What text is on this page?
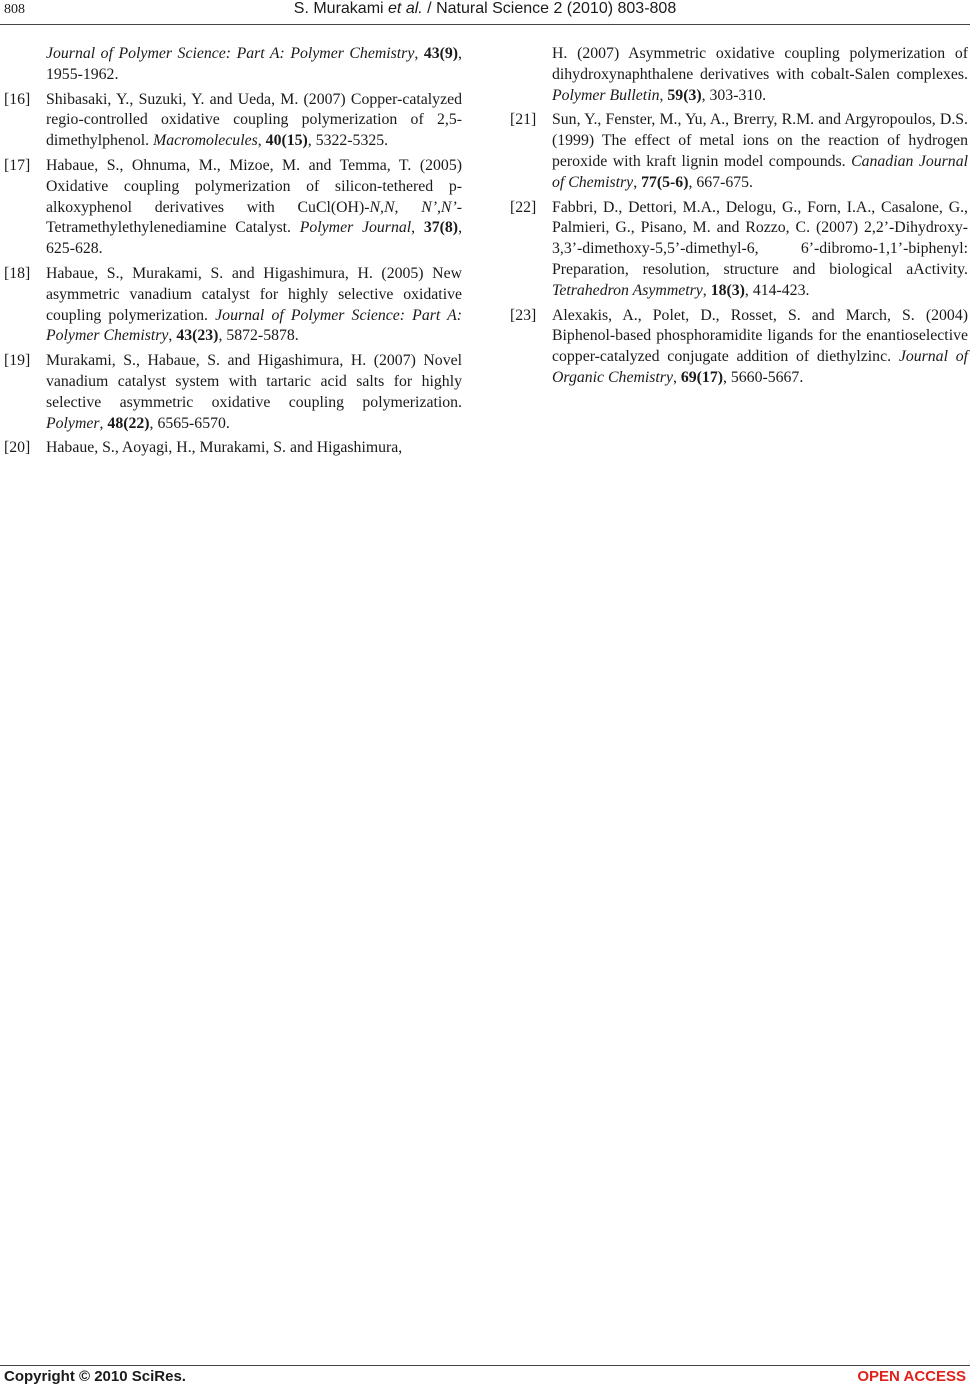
808	S. Murakami et al. / Natural Science 2 (2010) 803-808
Journal of Polymer Science: Part A: Polymer Chemistry, 43(9), 1955-1962.
[16] Shibasaki, Y., Suzuki, Y. and Ueda, M. (2007) Copper-catalyzed regio-controlled oxidative coupling polymerization of 2,5-dimethylphenol. Macromolecules, 40(15), 5322-5325.
[17] Habaue, S., Ohnuma, M., Mizoe, M. and Temma, T. (2005) Oxidative coupling polymerization of silicon-tethered p-alkoxyphenol derivatives with CuCl(OH)-N,N, N’,N’-Tetramethylethylenediamine Catalyst. Polymer Journal, 37(8), 625-628.
[18] Habaue, S., Murakami, S. and Higashimura, H. (2005) New asymmetric vanadium catalyst for highly selective oxidative coupling polymerization. Journal of Polymer Science: Part A: Polymer Chemistry, 43(23), 5872-5878.
[19] Murakami, S., Habaue, S. and Higashimura, H. (2007) Novel vanadium catalyst system with tartaric acid salts for highly selective asymmetric oxidative coupling polymerization. Polymer, 48(22), 6565-6570.
[20] Habaue, S., Aoyagi, H., Murakami, S. and Higashimura,
H. (2007) Asymmetric oxidative coupling polymerization of dihydroxynaphthalene derivatives with cobalt-Salen complexes. Polymer Bulletin, 59(3), 303-310.
[21] Sun, Y., Fenster, M., Yu, A., Brerry, R.M. and Argyropoulos, D.S. (1999) The effect of metal ions on the reaction of hydrogen peroxide with kraft lignin model compounds. Canadian Journal of Chemistry, 77(5-6), 667-675.
[22] Fabbri, D., Dettori, M.A., Delogu, G., Forn, I.A., Casalone, G., Palmieri, G., Pisano, M. and Rozzo, C. (2007) 2,2’-Dihydroxy-3,3’-dimethoxy-5,5’-dimethyl-6, 6’-dibromo-1,1’-biphenyl: Preparation, resolution, structure and biological aActivity. Tetrahedron Asymmetry, 18(3), 414-423.
[23] Alexakis, A., Polet, D., Rosset, S. and March, S. (2004) Biphenol-based phosphoramidite ligands for the enantioselective copper-catalyzed conjugate addition of diethylzinc. Journal of Organic Chemistry, 69(17), 5660-5667.
Copyright © 2010 SciRes.	OPEN ACCESS
